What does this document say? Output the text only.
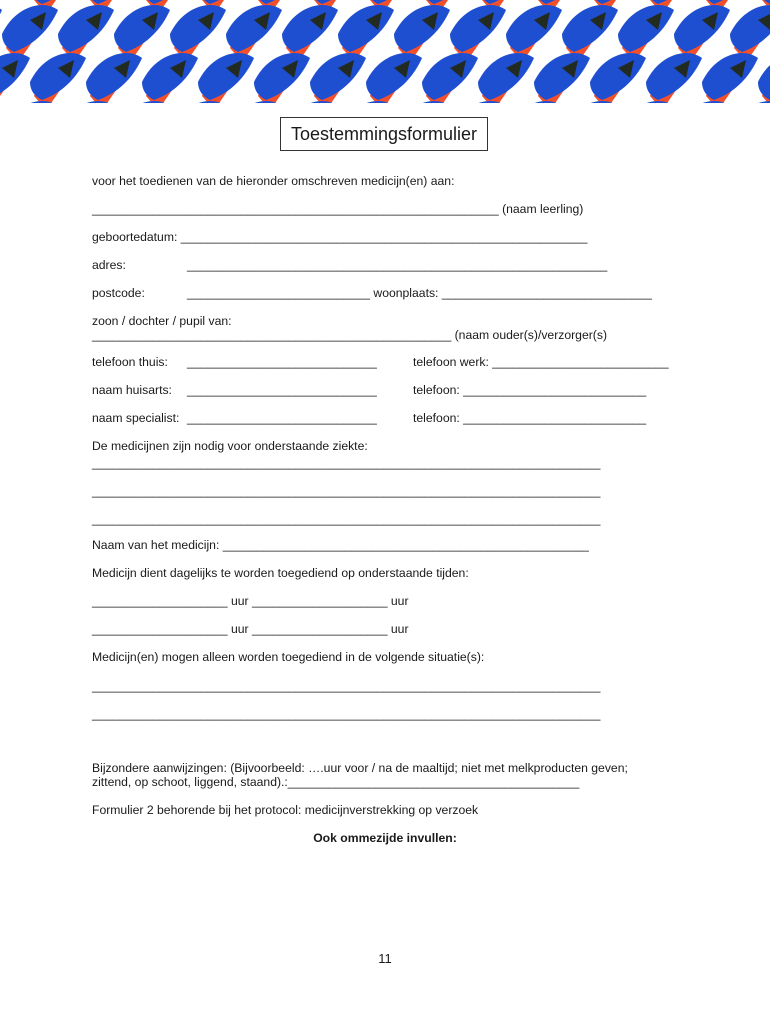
Toestemmingsformulier
voor het toedienen van de hieronder omschreven medicijn(en) aan:
____________________________________________________________ (naam leerling)
geboortedatum: ____________________________________________________________
adres:	______________________________________________________________
postcode:	___________________________ woonplaats: _______________________________
zoon / dochter / pupil van:
_____________________________________________________ (naam ouder(s)/verzorger(s)
telefoon thuis: ____________________________	telefoon werk: __________________________
naam huisarts: ____________________________	telefoon: ___________________________
naam specialist: ____________________________	telefoon: ___________________________
De medicijnen zijn nodig voor onderstaande ziekte:
___________________________________________________________________________
___________________________________________________________________________
___________________________________________________________________________
Naam van het medicijn: ______________________________________________________
Medicijn dient dagelijks te worden toegediend op onderstaande tijden:
____________________ uur ____________________ uur
____________________ uur ____________________ uur
Medicijn(en) mogen alleen worden toegediend in de volgende situatie(s):
___________________________________________________________________________
___________________________________________________________________________
Bijzondere aanwijzingen: (Bijvoorbeeld: ….uur voor / na de maaltijd; niet met melkproducten geven;
zittend, op schoot, liggend, staand).:___________________________________________
Formulier 2 behorende bij het protocol: medicijnverstrekking op verzoek
Ook ommezijde invullen:
11
